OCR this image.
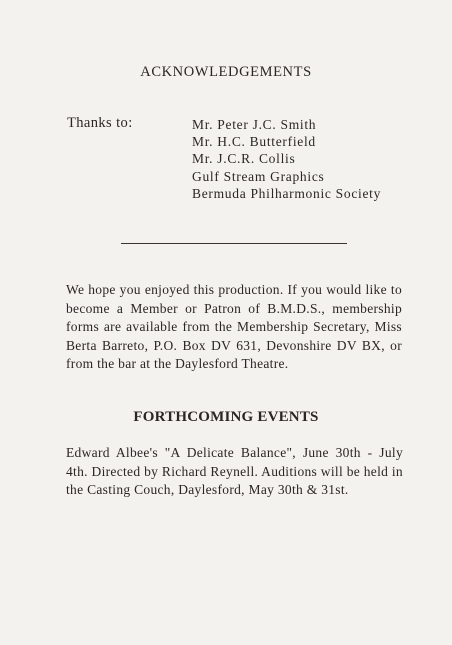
ACKNOWLEDGEMENTS
Thanks to:	Mr. Peter J.C. Smith
Mr. H.C. Butterfield
Mr. J.C.R. Collis
Gulf Stream Graphics
Bermuda Philharmonic Society

We hope you enjoyed this production. If you would like to become a Member or Patron of B.M.D.S., membership forms are available from the Membership Secretary, Miss Berta Barreto, P.O. Box DV 631, Devonshire DV BX, or from the bar at the Daylesford Theatre.

FORTHCOMING EVENTS

Edward Albee's "A Delicate Balance", June 30th - July 4th. Directed by Richard Reynell. Auditions will be held in the Casting Couch, Daylesford, May 30th & 31st.
